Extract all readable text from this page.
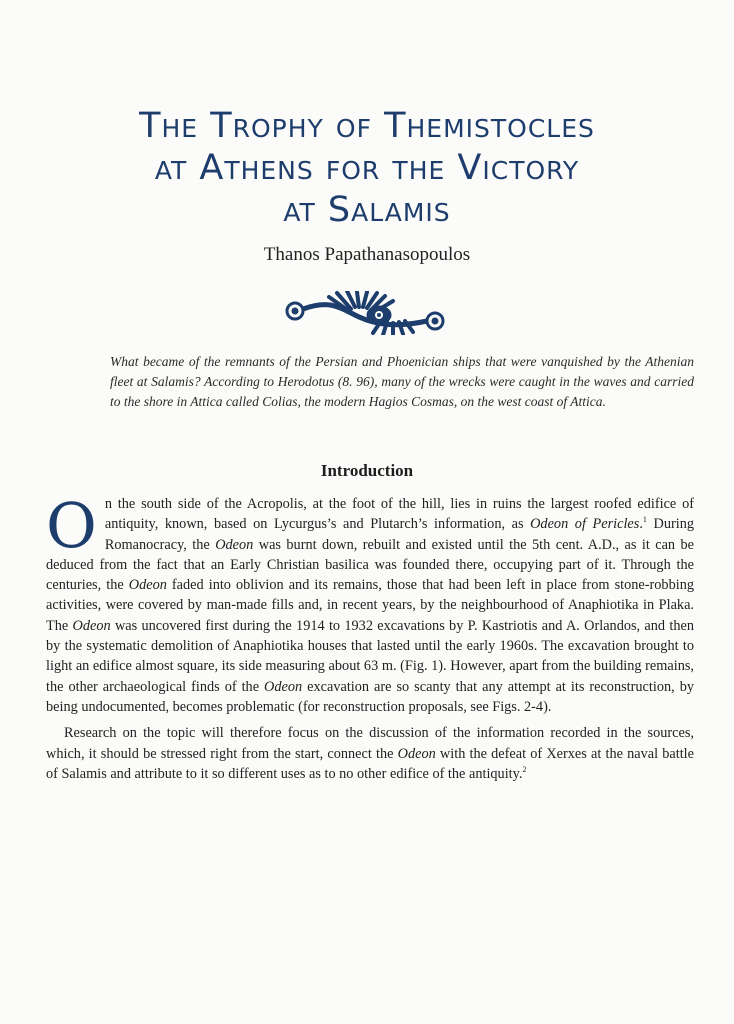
The Trophy of Themistocles
at Athens for the Victory
at Salamis
Thanos Papathanasopoulos
What became of the remnants of the Persian and Phoenician ships that were vanquished by the Athenian fleet at Salamis? According to Herodotus (8. 96), many of the wrecks were caught in the waves and carried to the shore in Attica called Colias, the modern Hagios Cosmas, on the west coast of Attica.
Introduction

On the south side of the Acropolis, at the foot of the hill, lies in ruins the largest roofed edifice of antiquity, known, based on Lycurgus’s and Plutarch’s information, as Odeon of Pericles.$^1$ During Romanocracy, the Odeon was burnt down, rebuilt and existed until the 5th cent. A.D., as it can be deduced from the fact that an Early Christian basilica was founded there, occupying part of it. Through the centuries, the Odeon faded into oblivion and its remains, those that had been left in place from stone-robbing activities, were covered by man-made fills and, in recent years, by the neighbourhood of Anaphiotika in Plaka. The Odeon was uncovered first during the 1914 to 1932 excavations by P. Kastriotis and A. Orlandos, and then by the systematic demolition of Anaphiotika houses that lasted until the early 1960s. The excavation brought to light an edifice almost square, its side measuring about 63 m. (Fig. 1). However, apart from the building remains, the other archaeological finds of the Odeon excavation are so scanty that any attempt at its reconstruction, by being undocumented, becomes problematic (for reconstruction proposals, see Figs. 2-4).

Research on the topic will therefore focus on the discussion of the information recorded in the sources, which, it should be stressed right from the start, connect the Odeon with the defeat of Xerxes at the naval battle of Salamis and attribute to it so different uses as to no other edifice of the antiquity.$^2$
